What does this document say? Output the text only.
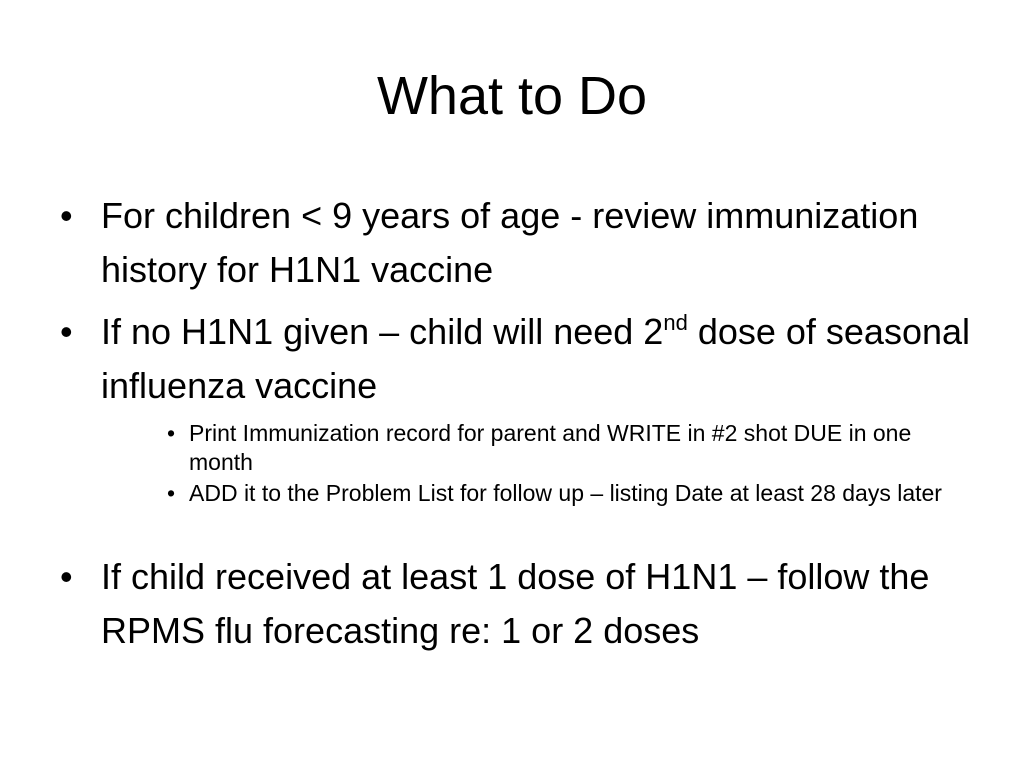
What to Do
• For children < 9 years of age - review immunization history for H1N1 vaccine
• If no H1N1 given – child will need 2nd dose of seasonal influenza vaccine
• Print Immunization record for parent and WRITE in #2 shot DUE in one month
• ADD it to the Problem List for follow up – listing Date at least 28 days later
• If child received at least 1 dose of H1N1 – follow the RPMS flu forecasting re: 1 or 2 doses
